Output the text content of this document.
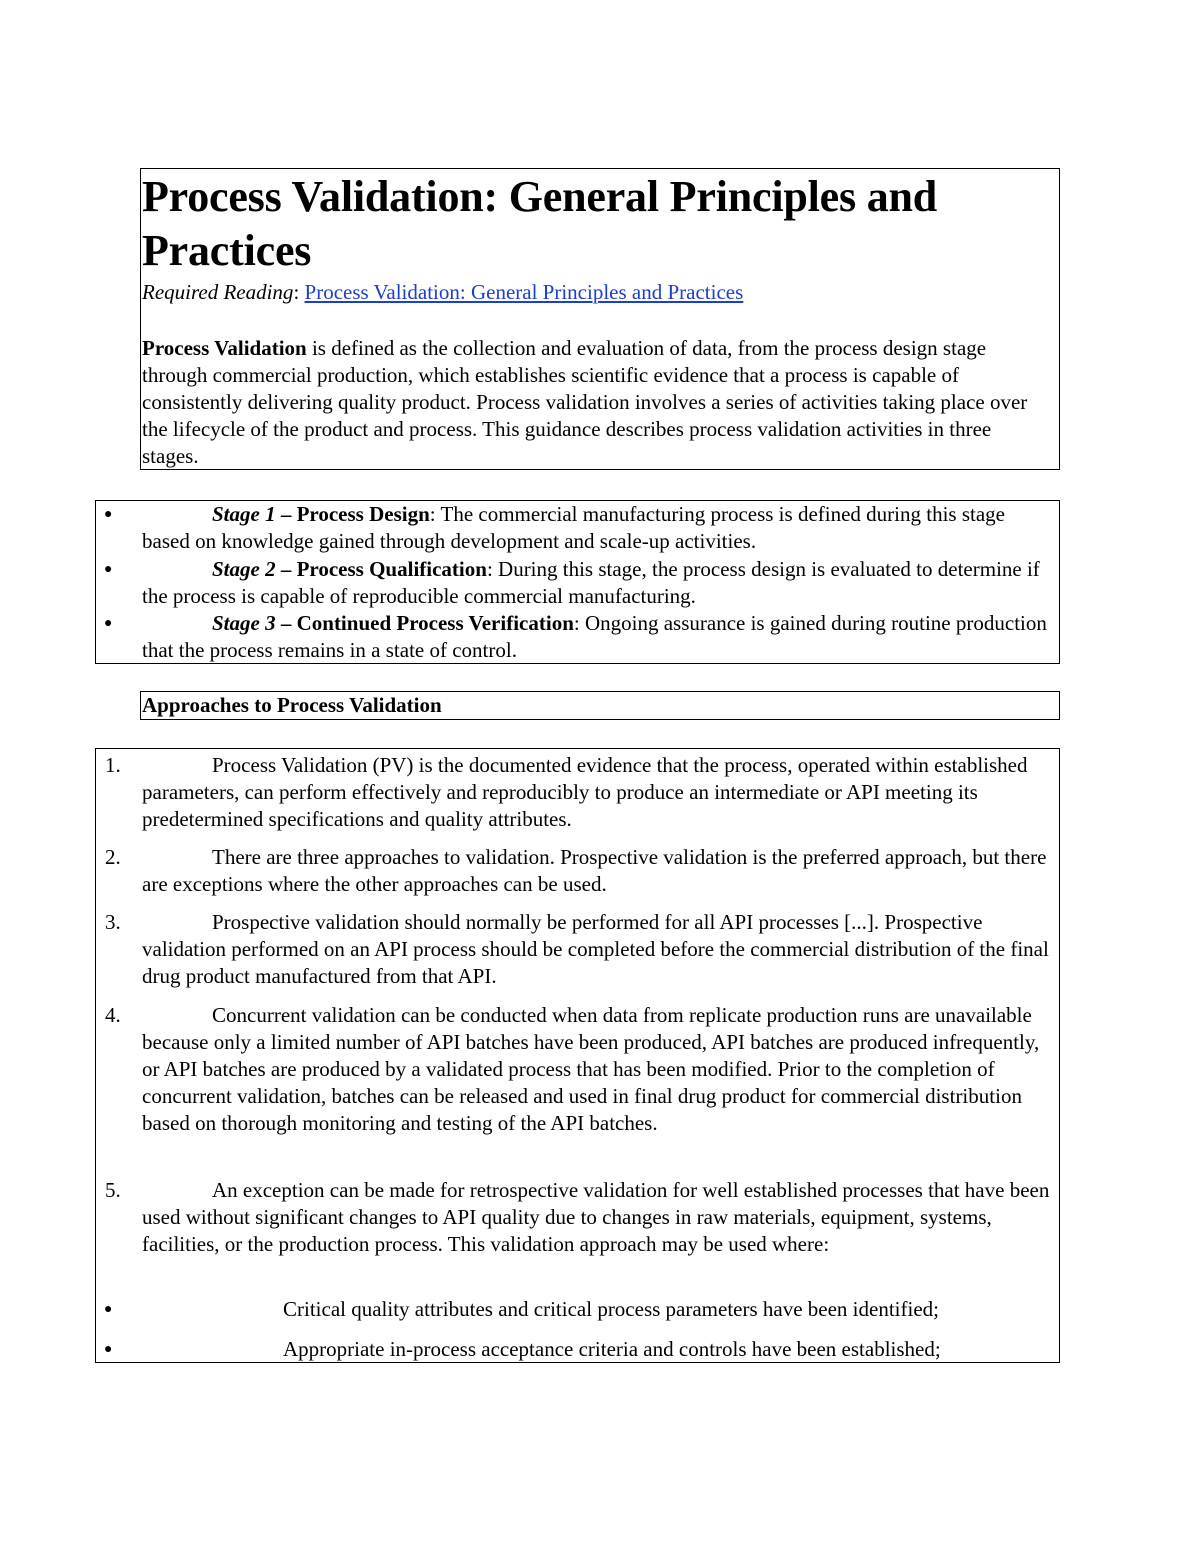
Process Validation: General Principles and Practices
Required Reading: Process Validation: General Principles and Practices
Process Validation is defined as the collection and evaluation of data, from the process design stage through commercial production, which establishes scientific evidence that a process is capable of consistently delivering quality product. Process validation involves a series of activities taking place over the lifecycle of the product and process. This guidance describes process validation activities in three stages.
●	Stage 1 – Process Design: The commercial manufacturing process is defined during this stage based on knowledge gained through development and scale-up activities.
●	Stage 2 – Process Qualification: During this stage, the process design is evaluated to determine if the process is capable of reproducible commercial manufacturing.
●	Stage 3 – Continued Process Verification: Ongoing assurance is gained during routine production that the process remains in a state of control.
Approaches to Process Validation
1.	Process Validation (PV) is the documented evidence that the process, operated within established parameters, can perform effectively and reproducibly to produce an intermediate or API meeting its predetermined specifications and quality attributes.
2.	There are three approaches to validation. Prospective validation is the preferred approach, but there are exceptions where the other approaches can be used.
3.	Prospective validation should normally be performed for all API processes [...]. Prospective validation performed on an API process should be completed before the commercial distribution of the final drug product manufactured from that API.
4.	Concurrent validation can be conducted when data from replicate production runs are unavailable because only a limited number of API batches have been produced, API batches are produced infrequently, or API batches are produced by a validated process that has been modified. Prior to the completion of concurrent validation, batches can be released and used in final drug product for commercial distribution based on thorough monitoring and testing of the API batches.
5.	An exception can be made for retrospective validation for well established processes that have been used without significant changes to API quality due to changes in raw materials, equipment, systems, facilities, or the production process. This validation approach may be used where:
●	Critical quality attributes and critical process parameters have been identified;
●	Appropriate in-process acceptance criteria and controls have been established;
